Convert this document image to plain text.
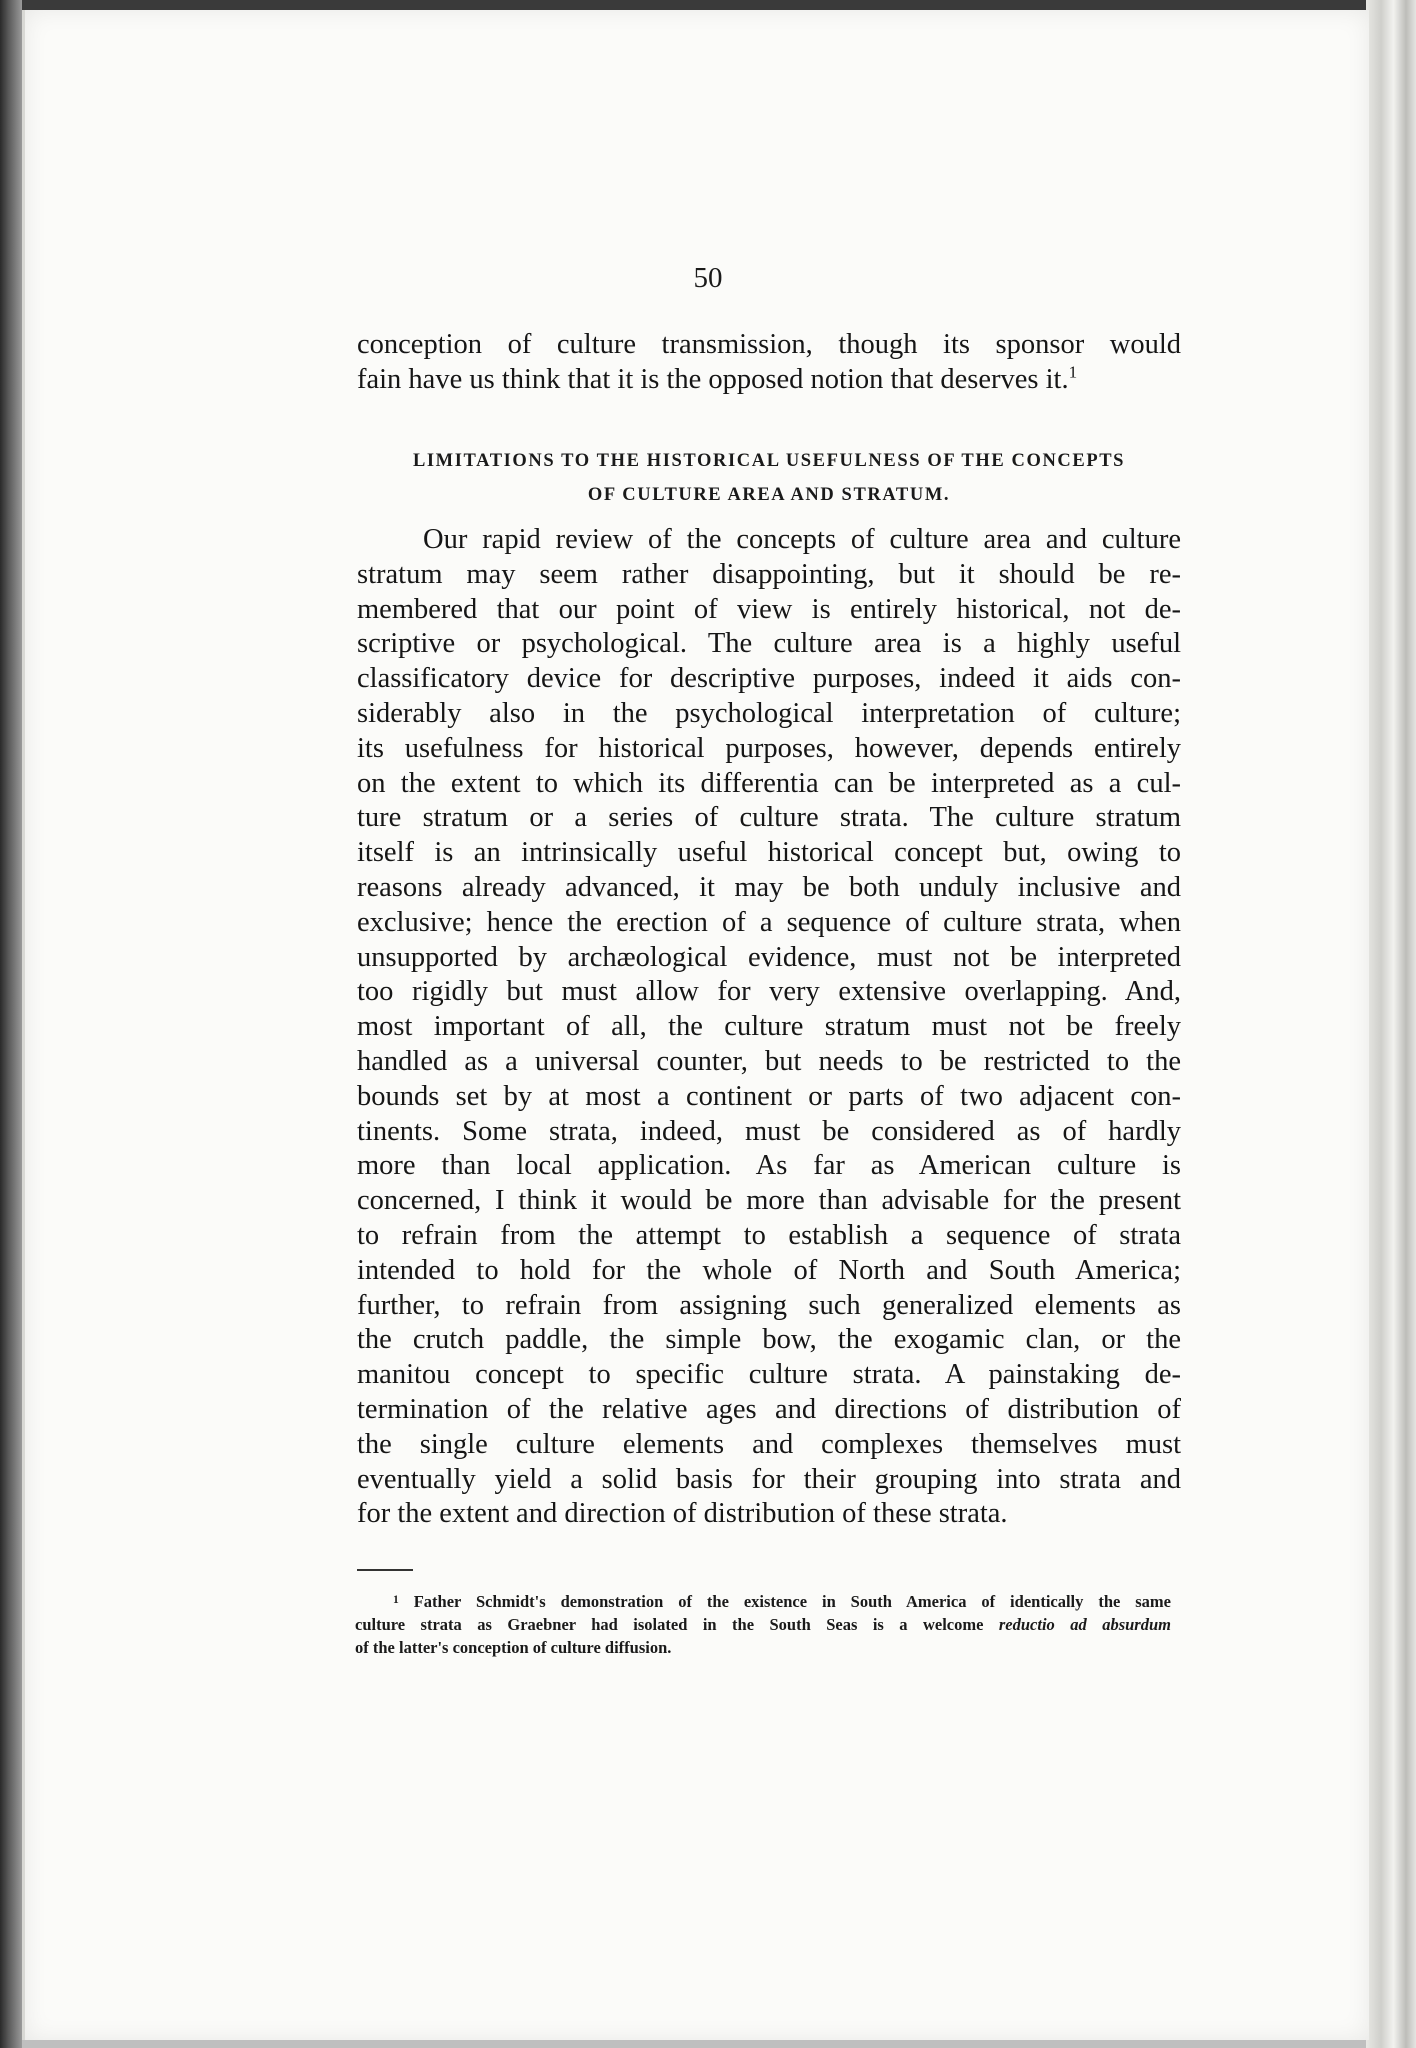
50
conception of culture transmission, though its sponsor would
fain have us think that it is the opposed notion that deserves it.$^1$
LIMITATIONS TO THE HISTORICAL USEFULNESS OF THE CONCEPTS
OF CULTURE AREA AND STRATUM.
Our rapid review of the concepts of culture area and culture
stratum may seem rather disappointing, but it should be re-
membered that our point of view is entirely historical, not de-
scriptive or psychological. The culture area is a highly useful
classificatory device for descriptive purposes, indeed it aids con-
siderably also in the psychological interpretation of culture;
its usefulness for historical purposes, however, depends entirely
on the extent to which its differentia can be interpreted as a cul-
ture stratum or a series of culture strata. The culture stratum
itself is an intrinsically useful historical concept but, owing to
reasons already advanced, it may be both unduly inclusive and
exclusive; hence the erection of a sequence of culture strata, when
unsupported by archæological evidence, must not be interpreted
too rigidly but must allow for very extensive overlapping. And,
most important of all, the culture stratum must not be freely
handled as a universal counter, but needs to be restricted to the
bounds set by at most a continent or parts of two adjacent con-
tinents. Some strata, indeed, must be considered as of hardly
more than local application. As far as American culture is
concerned, I think it would be more than advisable for the present
to refrain from the attempt to establish a sequence of strata
intended to hold for the whole of North and South America;
further, to refrain from assigning such generalized elements as
the crutch paddle, the simple bow, the exogamic clan, or the
manitou concept to specific culture strata. A painstaking de-
termination of the relative ages and directions of distribution of
the single culture elements and complexes themselves must
eventually yield a solid basis for their grouping into strata and
for the extent and direction of distribution of these strata.
$^1$ Father Schmidt's demonstration of the existence in South America of identically the same
culture strata as Graebner had isolated in the South Seas is a welcome reductio ad absurdum
of the latter's conception of culture diffusion.
